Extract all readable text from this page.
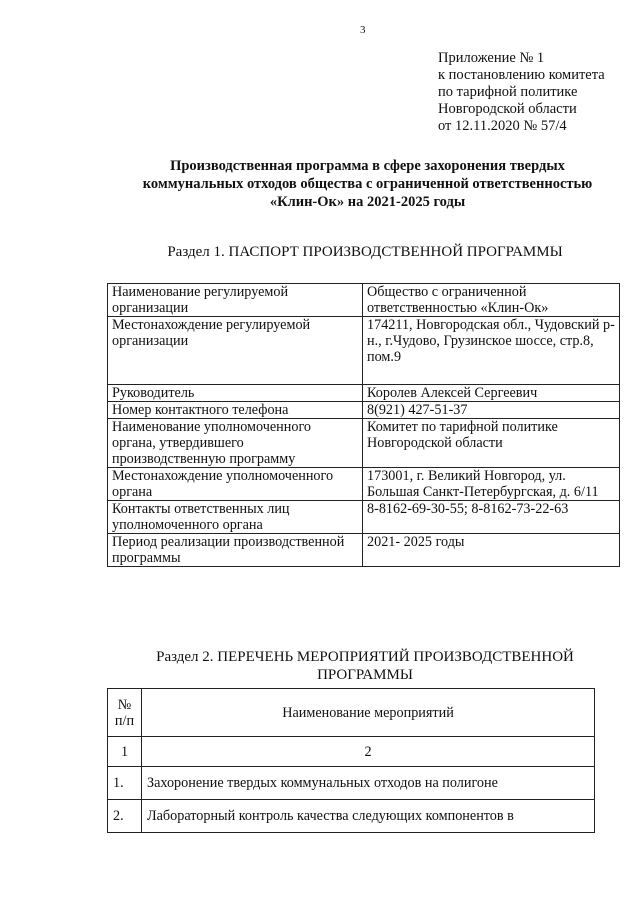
3
Приложение № 1
к постановлению комитета
по тарифной политике
Новгородской области
от 12.11.2020 № 57/4
Производственная программа в сфере захоронения твердых
коммунальных отходов общества с ограниченной ответственностью
«Клин-Ок» на 2021-2025 годы
Раздел 1. ПАСПОРТ ПРОИЗВОДСТВЕННОЙ ПРОГРАММЫ
Наименование регулируемой организации	Общество с ограниченной ответственностью «Клин-Ок»
Местонахождение регулируемой организации	174211, Новгородская обл., Чудовский р-н., г.Чудово, Грузинское шоссе, стр.8, пом.9
Руководитель	Королев Алексей Сергеевич
Номер контактного телефона	8(921) 427-51-37
Наименование уполномоченного органа, утвердившего производственную программу	Комитет по тарифной политике Новгородской области
Местонахождение уполномоченного органа	173001, г. Великий Новгород, ул. Большая Санкт-Петербургская, д. 6/11
Контакты ответственных лиц уполномоченного органа	8-8162-69-30-55; 8-8162-73-22-63
Период реализации производственной программы	2021- 2025 годы
Раздел 2. ПЕРЕЧЕНЬ МЕРОПРИЯТИЙ ПРОИЗВОДСТВЕННОЙ
ПРОГРАММЫ
№ п/п	Наименование мероприятий
1	2
1.	Захоронение твердых коммунальных отходов на полигоне
2.	Лабораторный контроль качества следующих компонентов в
